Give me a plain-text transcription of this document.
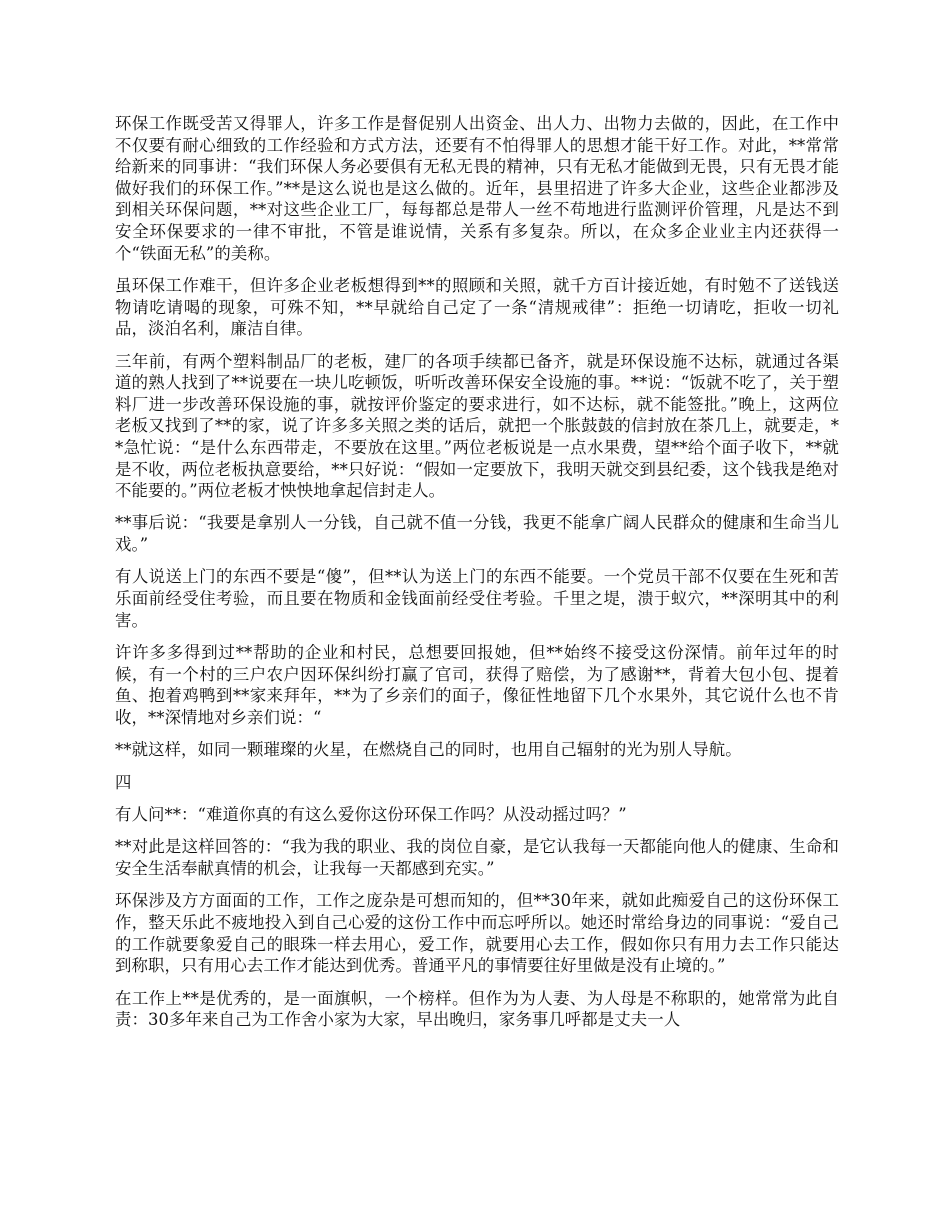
环保工作既受苦又得罪人，许多工作是督促别人出资金、出人力、出物力去做的，因此，在工作中不仅要有耐心细致的工作经验和方式方法，还要有不怕得罪人的思想才能干好工作。对此，**常常给新来的同事讲：“我们环保人务必要俱有无私无畏的精神，只有无私才能做到无畏，只有无畏才能做好我们的环保工作。”**是这么说也是这么做的。近年，县里招进了许多大企业，这些企业都涉及到相关环保问题，**对这些企业工厂，每每都总是带人一丝不苟地进行监测评价管理，凡是达不到安全环保要求的一律不审批，不管是谁说情，关系有多复杂。所以，在众多企业业主内还获得一个“铁面无私”的美称。

虽环保工作难干，但许多企业老板想得到**的照顾和关照，就千方百计接近她，有时勉不了送钱送物请吃请喝的现象，可殊不知，**早就给自己定了一条“清规戒律”：拒绝一切请吃，拒收一切礼品，淡泊名利，廉洁自律。

三年前，有两个塑料制品厂的老板，建厂的各项手续都已备齐，就是环保设施不达标，就通过各渠道的熟人找到了**说要在一块儿吃顿饭，听听改善环保安全设施的事。**说：“饭就不吃了，关于塑料厂进一步改善环保设施的事，就按评价鉴定的要求进行，如不达标，就不能签批。”晚上，这两位老板又找到了**的家，说了许多多关照之类的话后，就把一个胀鼓鼓的信封放在茶几上，就要走，**急忙说：“是什么东西带走，不要放在这里。”两位老板说是一点水果费，望**给个面子收下，**就是不收，两位老板执意要给，**只好说：“假如一定要放下，我明天就交到县纪委，这个钱我是绝对不能要的。”两位老板才怏怏地拿起信封走人。

**事后说：“我要是拿别人一分钱，自己就不值一分钱，我更不能拿广阔人民群众的健康和生命当儿戏。”

有人说送上门的东西不要是“傻”，但**认为送上门的东西不能要。一个党员干部不仅要在生死和苦乐面前经受住考验，而且要在物质和金钱面前经受住考验。千里之堤，溃于蚁穴，**深明其中的利害。

许许多多得到过**帮助的企业和村民，总想要回报她，但**始终不接受这份深情。前年过年的时候，有一个村的三户农户因环保纠纷打赢了官司，获得了赔偿，为了感谢**，背着大包小包、提着鱼、抱着鸡鸭到**家来拜年，**为了乡亲们的面子，像征性地留下几个水果外，其它说什么也不肯收，**深情地对乡亲们说：“

**就这样，如同一颗璀璨的火星，在燃烧自己的同时，也用自己辐射的光为别人导航。

四

有人问**：“难道你真的有这么爱你这份环保工作吗？从没动摇过吗？”

**对此是这样回答的：“我为我的职业、我的岗位自豪，是它认我每一天都能向他人的健康、生命和安全生活奉献真情的机会，让我每一天都感到充实。”

环保涉及方方面面的工作，工作之庞杂是可想而知的，但**30年来，就如此痴爱自己的这份环保工作，整天乐此不疲地投入到自己心爱的这份工作中而忘呼所以。她还时常给身边的同事说：“爱自己的工作就要象爱自己的眼珠一样去用心，爱工作，就要用心去工作，假如你只有用力去工作只能达到称职，只有用心去工作才能达到优秀。普通平凡的事情要往好里做是没有止境的。”

在工作上**是优秀的，是一面旗帜，一个榜样。但作为为人妻、为人母是不称职的，她常常为此自责：30多年来自己为工作舍小家为大家，早出晚归，家务事几呼都是丈夫一人
